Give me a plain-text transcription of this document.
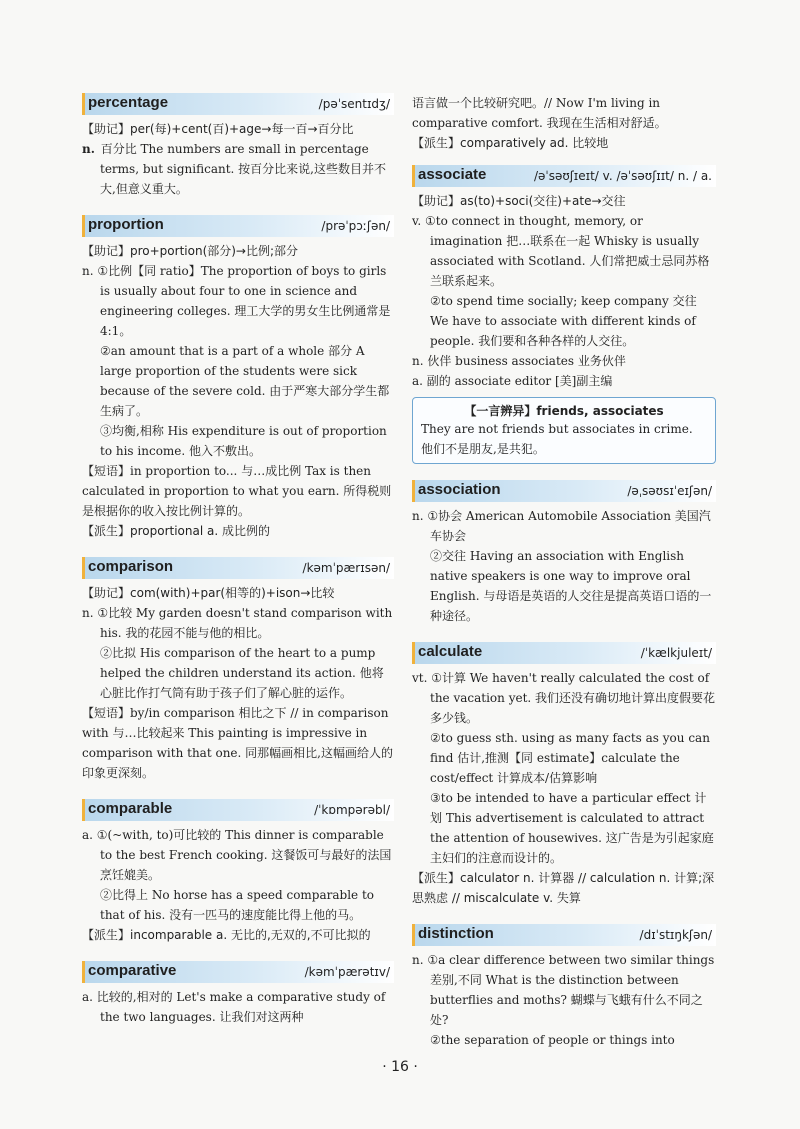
percentage	/pəˈsentɪdʒ/
【助记】per(每)+cent(百)+age→每一百→百分比
n. 百分比 The numbers are small in percentage terms, but significant. 按百分比来说,这些数目并不大,但意义重大。
proportion	/prəˈpɔːʃən/
【助记】pro+portion(部分)→比例;部分
n. ①比例【同 ratio】The proportion of boys to girls is usually about four to one in science and engineering colleges. 理工大学的男女生比例通常是 4:1。
②an amount that is a part of a whole 部分 A large proportion of the students were sick because of the severe cold. 由于严寒大部分学生都生病了。
③均衡,相称 His expenditure is out of proportion to his income. 他入不敷出。
【短语】in proportion to... 与…成比例 Tax is then calculated in proportion to what you earn. 所得税则是根据你的收入按比例计算的。
【派生】proportional a. 成比例的
comparison	/kəmˈpærɪsən/
【助记】com(with)+par(相等的)+ison→比较
n. ①比较 My garden doesn't stand comparison with his. 我的花园不能与他的相比。
②比拟 His comparison of the heart to a pump helped the children understand its action. 他将心脏比作打气筒有助于孩子们了解心脏的运作。
【短语】by/in comparison 相比之下 // in comparison with 与…比较起来 This painting is impressive in comparison with that one. 同那幅画相比,这幅画给人的印象更深刻。
comparable	/ˈkɒmpərəbl/
a. ①(~with, to)可比较的 This dinner is comparable to the best French cooking. 这餐饭可与最好的法国烹饪媲美。
②比得上 No horse has a speed comparable to that of his. 没有一匹马的速度能比得上他的马。
【派生】incomparable a. 无比的,无双的,不可比拟的
comparative	/kəmˈpærətɪv/
a. 比较的,相对的 Let's make a comparative study of the two languages. 让我们对这两种
语言做一个比较研究吧。// Now I'm living in comparative comfort. 我现在生活相对舒适。
【派生】comparatively ad. 比较地
associate	/əˈsəʊʃɪeɪt/ v. /əˈsəʊʃɪɪt/ n. / a.
【助记】as(to)+soci(交往)+ate→交往
v. ①to connect in thought, memory, or imagination 把…联系在一起 Whisky is usually associated with Scotland. 人们常把威士忌同苏格兰联系起来。
②to spend time socially; keep company 交往 We have to associate with different kinds of people. 我们要和各种各样的人交往。
n. 伙伴 business associates 业务伙伴
a. 副的 associate editor [美]副主编
【一言辨异】friends, associates
They are not friends but associates in crime. 他们不是朋友,是共犯。
association	/əˌsəʊsɪˈeɪʃən/
n. ①协会 American Automobile Association 美国汽车协会
②交往 Having an association with English native speakers is one way to improve oral English. 与母语是英语的人交往是提高英语口语的一种途径。
calculate	/ˈkælkjuleɪt/
vt. ①计算 We haven't really calculated the cost of the vacation yet. 我们还没有确切地计算出度假要花多少钱。
②to guess sth. using as many facts as you can find 估计,推测【同 estimate】calculate the cost/effect 计算成本/估算影响
③to be intended to have a particular effect 计划 This advertisement is calculated to attract the attention of housewives. 这广告是为引起家庭主妇们的注意而设计的。
【派生】calculator n. 计算器 // calculation n. 计算;深思熟虑 // miscalculate v. 失算
distinction	/dɪˈstɪŋkʃən/
n. ①a clear difference between two similar things 差别,不同 What is the distinction between butterflies and moths? 蝴蝶与飞蛾有什么不同之处?
②the separation of people or things into
· 16 ·
